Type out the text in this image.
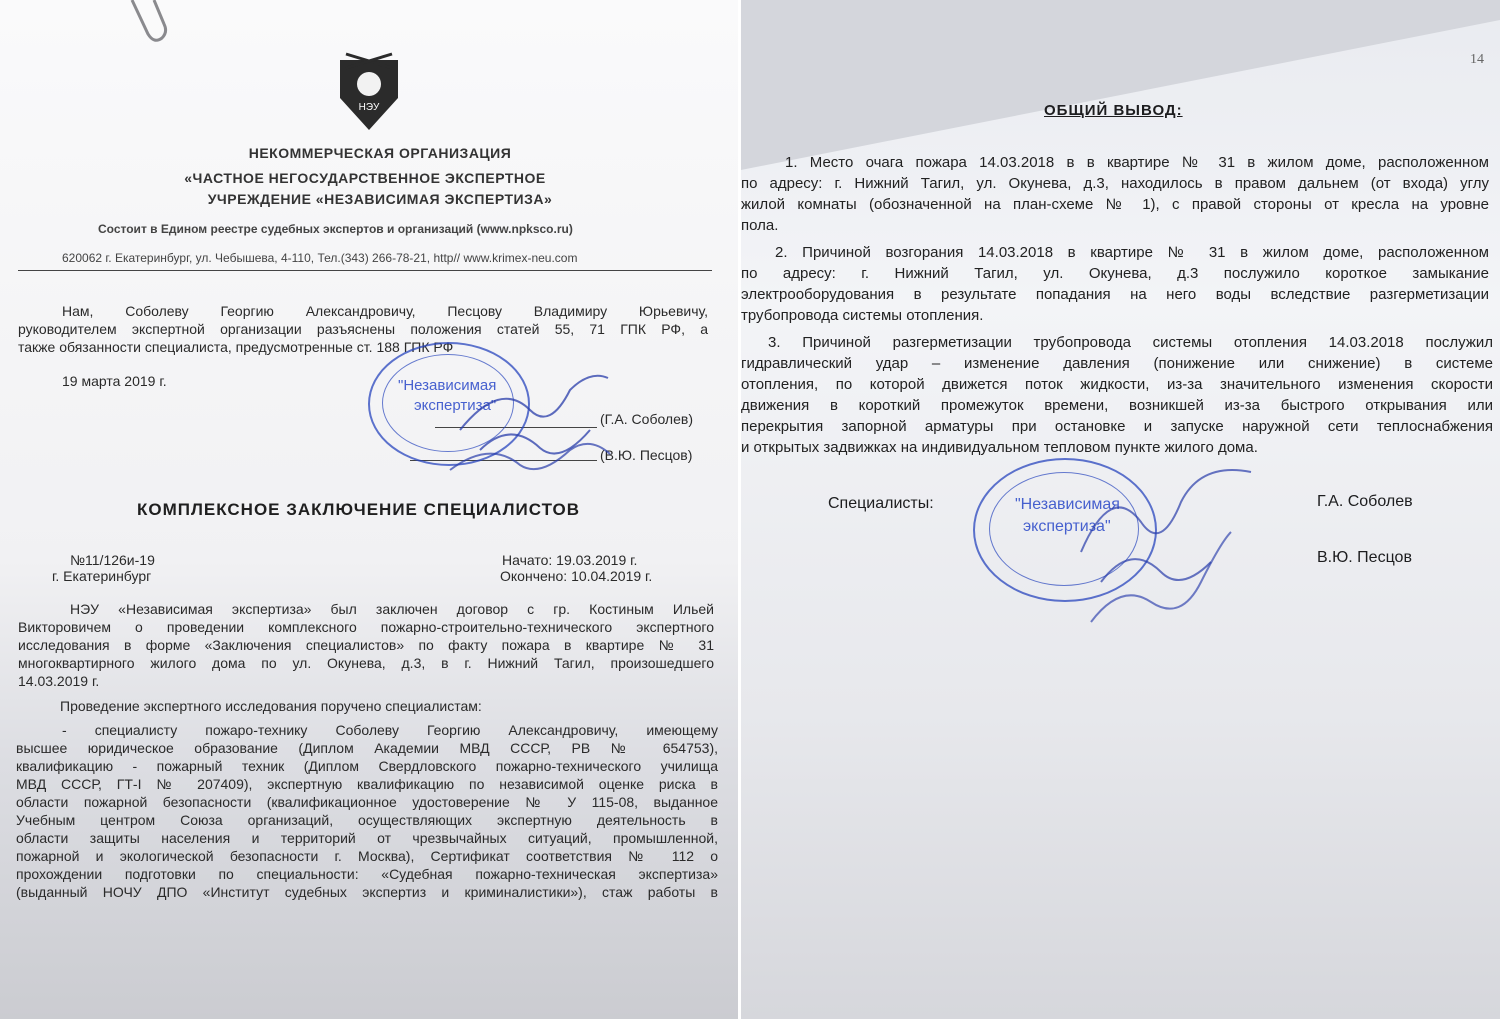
НЭУ

НЕКОММЕРЧЕСКАЯ ОРГАНИЗАЦИЯ

«ЧАСТНОЕ НЕГОСУДАРСТВЕННОЕ ЭКСПЕРТНОЕ

УЧРЕЖДЕНИЕ «НЕЗАВИСИМАЯ ЭКСПЕРТИЗА»

Состоит в Едином реестре судебных экспертов и организаций (www.npksco.ru)

620062 г. Екатеринбург, ул. Чебышева, 4-110, Тел.(343) 266-78-21, http// www.krimex-neu.com

Нам, Соболеву Георгию Александровичу, Песцову Владимиру Юрьевичу,

руководителем экспертной организации разъяснены положения статей 55, 71 ГПК РФ, а

также обязанности специалиста, предусмотренные ст. 188 ГПК РФ

19 марта 2019 г.

(Г.А. Соболев)

(В.Ю. Песцов)

"Независимая
экспертиза"

КОМПЛЕКСНОЕ ЗАКЛЮЧЕНИЕ СПЕЦИАЛИСТОВ

№11/126и-19

г. Екатеринбург

Начато: 19.03.2019 г.

Окончено: 10.04.2019 г.

НЭУ «Независимая экспертиза» был заключен договор с гр. Костиным Ильей

Викторовичем о проведении комплексного пожарно-строительно-технического экспертного

исследования в форме «Заключения специалистов» по факту пожара в квартире № 31

многоквартирного жилого дома по ул. Окунева, д.3, в г. Нижний Тагил, произошедшего

14.03.2019 г.

Проведение экспертного исследования поручено специалистам:

- специалисту пожаро-технику Соболеву Георгию Александровичу, имеющему

высшее юридическое образование (Диплом Академии МВД СССР, РВ № 654753),

квалификацию - пожарный техник (Диплом Свердловского пожарно-технического училища

МВД СССР, ГТ-I № 207409), экспертную квалификацию по независимой оценке риска в

области пожарной безопасности (квалификационное удостоверение № У 115-08, выданное

Учебным центром Союза организаций, осуществляющих экспертную деятельность в

области защиты населения и территорий от чрезвычайных ситуаций, промышленной,

пожарной и экологической безопасности г. Москва), Сертификат соответствия № 112 о

прохождении подготовки по специальности: «Судебная пожарно-техническая экспертиза»

(выданный НОЧУ ДПО «Институт судебных экспертиз и криминалистики»), стаж работы в

14

ОБЩИЙ ВЫВОД:

1. Место очага пожара 14.03.2018 в в квартире № 31 в жилом доме, расположенном

по адресу: г. Нижний Тагил, ул. Окунева, д.3, находилось в правом дальнем (от входа) углу

жилой комнаты (обозначенной на план-схеме № 1), с правой стороны от кресла на уровне

пола.

2. Причиной возгорания 14.03.2018 в квартире № 31 в жилом доме, расположенном

по адресу: г. Нижний Тагил, ул. Окунева, д.3 послужило короткое замыкание

электрооборудования в результате попадания на него воды вследствие разгерметизации

трубопровода системы отопления.

3. Причиной разгерметизации трубопровода системы отопления 14.03.2018 послужил

гидравлический удар – изменение давления (понижение или снижение) в системе

отопления, по которой движется поток жидкости, из-за значительного изменения скорости

движения в короткий промежуток времени, возникшей из-за быстрого открывания или

перекрытия запорной арматуры при остановке и запуске наружной сети теплоснабжения

и открытых задвижках на индивидуальном тепловом пункте жилого дома.

Специалисты:	Г.А. Соболев

В.Ю. Песцов

"Независимая
экспертиза"
